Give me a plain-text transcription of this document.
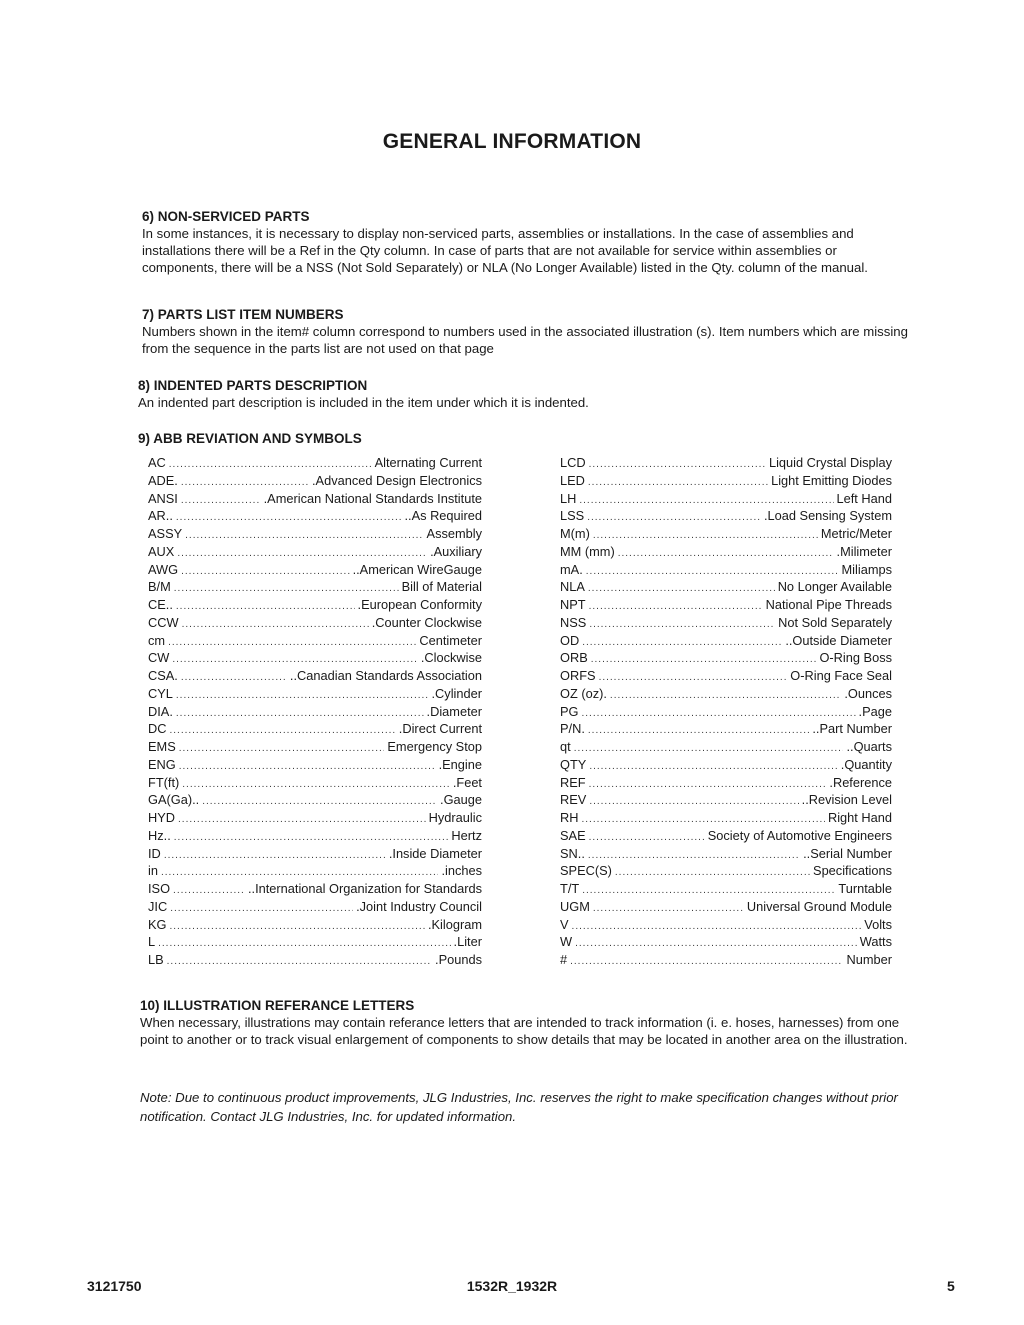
GENERAL INFORMATION
6) NON-SERVICED PARTS

In some instances, it is necessary to display non-serviced parts, assemblies or installations. In the case of assemblies and installations there will be a Ref in the Qty column. In case of parts that are not available for service within assemblies or components, there will be a NSS (Not Sold Separately) or NLA (No Longer Available) listed in the Qty. column of the manual.

7) PARTS LIST ITEM NUMBERS

Numbers shown in the item# column correspond to numbers used in the associated illustration (s). Item numbers which are missing from the sequence in the parts list are not used on that page

8) INDENTED PARTS DESCRIPTION

An indented part description is included in the item under which it is indented.

9) ABB REVIATION AND SYMBOLS
AC .....	Alternating Current
ADE. .....	.Advanced Design Electronics
ANSI .....	.American National Standards Institute
AR.. .....	..As Required
ASSY .....	Assembly
AUX .....	.Auxiliary
AWG .....	..American WireGauge
B/M .....	Bill of Material
CE.. .....	.European Conformity
CCW .....	.Counter Clockwise
cm .....	Centimeter
CW .....	.Clockwise
CSA. .....	..Canadian Standards Association
CYL .....	.Cylinder
DIA. .....	.Diameter
DC .....	.Direct Current
EMS .....	Emergency Stop
ENG .....	.Engine
FT(ft) .....	.Feet
GA(Ga).. .....	.Gauge
HYD .....	Hydraulic
Hz.. .....	Hertz
ID .....	.Inside Diameter
in .....	.inches
ISO .....	..International Organization for Standards
JIC .....	.Joint Industry Council
KG .....	.Kilogram
L .....	.Liter
LB .....	.Pounds
LCD .....	Liquid Crystal Display
LED .....	Light Emitting Diodes
LH .....	Left Hand
LSS .....	.Load Sensing System
M(m) .....	Metric/Meter
MM (mm) .....	.Milimeter
mA. .....	Miliamps
NLA .....	No Longer Available
NPT .....	National Pipe Threads
NSS .....	Not Sold Separately
OD .....	..Outside Diameter
ORB .....	O-Ring Boss
ORFS .....	O-Ring Face Seal
OZ (oz). .....	.Ounces
PG .....	.Page
P/N. .....	..Part Number
qt .....	..Quarts
QTY .....	.Quantity
REF .....	.Reference
REV .....	..Revision Level
RH .....	Right Hand
SAE .....	Society of Automotive Engineers
SN.. .....	..Serial Number
SPEC(S) .....	Specifications
T/T .....	Turntable
UGM .....	Universal Ground Module
V .....	Volts
W .....	Watts
# .....	Number
10) ILLUSTRATION REFERANCE LETTERS

When necessary, illustrations may contain referance letters that are intended to track information (i. e. hoses, harnesses) from one point to another or to track visual enlargement of components to show details that may be located in another area on the illustration.

Note: Due to continuous product improvements, JLG Industries, Inc. reserves the right to make specification changes without prior notification. Contact JLG Industries, Inc. for updated information.

3121750	1532R_1932R	5
